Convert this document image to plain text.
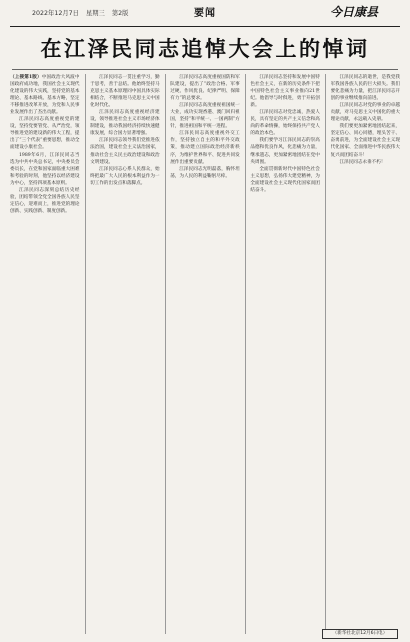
2022年12月7日 星期三 第2版	要闻	今日康县
在江泽民同志追悼大会上的悼词

（上接第1版）中国政治大风波中国政府成功地，我国社会主义现代化建设的伟大实践，坚持党的基本理论、基本路线、基本方略，坚定不移推进改革开放，为党和人民事业发展作出了杰出贡献。

江泽民同志高度重视党的建设，坚持党要管党、从严治党，领导推进党的建设新的伟大工程，提出了“三个代表”重要思想，推动全面建设小康社会。

1989年6月，江泽民同志当选为中共中央总书记，中央委员会委员长，在党和国家面临重大困难和考验的时刻，他坚持以经济建设为中心，坚持四项基本原则。

江泽民同志深刻总结历史经验，团结带领全党全国各族人民坚定信心，迎难而上，推进党的理论创新、实践创新、制度创新。

江泽民同志一贯注重学习，勤于思考，善于总结。他始终坚持马克思主义基本原理同中国具体实际相结合，不断推进马克思主义中国化时代化。

江泽民同志高度重视经济建设，领导推进社会主义市场经济体制建设，推动我国经济持续快速健康发展，综合国力显著增强。

江泽民同志领导我们党推进依法治国，建设社会主义法治国家，推动社会主义民主政治建设和政治文明建设。

江泽民同志心系人民群众，始终把最广大人民的根本利益作为一切工作的出发点和落脚点。

江泽民同志高度重视国防和军队建设，提出了“政治合格、军事过硬、作风优良、纪律严明、保障有力”的总要求。

江泽民同志高度重视祖国统一大业，成功实现香港、澳门回归祖国，坚持“和平统一、一国两制”方针，推进祖国和平统一进程。

江泽民同志高度重视外交工作，坚持独立自主的和平外交政策，推动建立国际政治经济新秩序，为维护世界和平、促进共同发展作出重要贡献。

江泽民同志光明磊落，胸怀坦荡，为人民的利益鞠躬尽瘁。

江泽民同志坚持和发展中国特色社会主义，在新的历史条件下把中国特色社会主义事业推向21世纪。他倡导与时俱进，勇于开拓创新。

江泽民同志对党忠诚，热爱人民，具有坚定的共产主义信念和高尚的革命情操，始终保持共产党人的政治本色。

我们要学习江泽民同志的崇高品德和优良作风，化悲痛为力量，继承遗志，更加紧密地团结在党中央周围。

全面贯彻新时代中国特色社会主义思想，弘扬伟大建党精神，为全面建设社会主义现代化国家而团结奋斗。

江泽民同志的逝世，是我党我军我国各族人民的巨大损失。我们要化悲痛为力量，把江泽民同志开创的事业继续推向前进。

江泽民同志对党的事业的卓越贡献，对马克思主义中国化的重大理论贡献，永远载入史册。

我们要更加紧密地团结起来，坚定信心、同心同德，埋头苦干、奋勇前进，为全面建设社会主义现代化国家、全面推进中华民族伟大复兴而团结奋斗！

江泽民同志永垂不朽！

（新华社北京12月6日电）
